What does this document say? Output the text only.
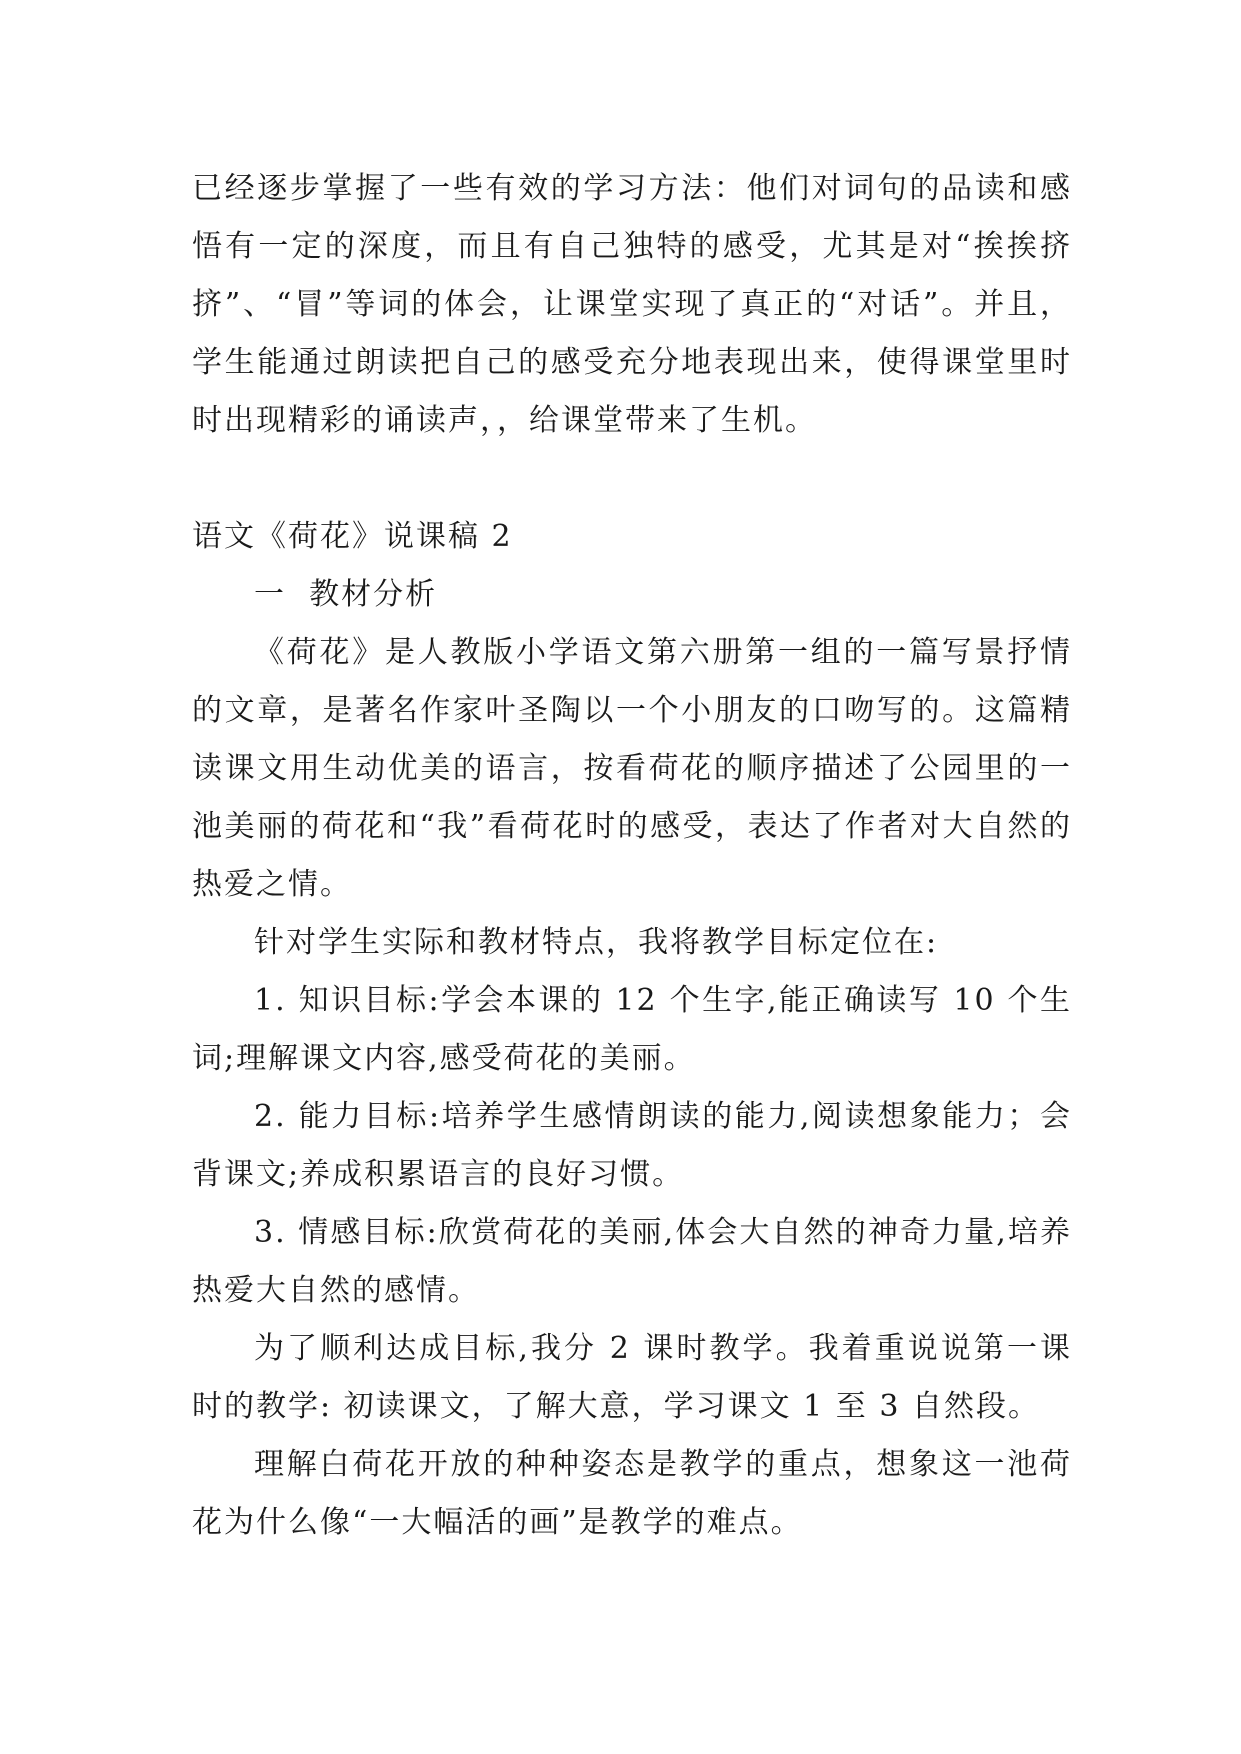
已经逐步掌握了一些有效的学习方法：他们对词句的品读和感悟有一定的深度，而且有自己独特的感受，尤其是对“挨挨挤挤”、“冒”等词的体会，让课堂实现了真正的“对话”。并且，学生能通过朗读把自己的感受充分地表现出来，使得课堂里时时出现精彩的诵读声，，给课堂带来了生机。

语文《荷花》说课稿 2

一  教材分析

《荷花》是人教版小学语文第六册第一组的一篇写景抒情的文章，是著名作家叶圣陶以一个小朋友的口吻写的。这篇精读课文用生动优美的语言，按看荷花的顺序描述了公园里的一池美丽的荷花和“我”看荷花时的感受，表达了作者对大自然的热爱之情。

针对学生实际和教材特点，我将教学目标定位在:

1. 知识目标:学会本课的 12 个生字,能正确读写 10 个生词;理解课文内容,感受荷花的美丽。

2. 能力目标:培养学生感情朗读的能力,阅读想象能力；会背课文;养成积累语言的良好习惯。

3. 情感目标:欣赏荷花的美丽,体会大自然的神奇力量,培养热爱大自然的感情。

为了顺利达成目标,我分 2 课时教学。我着重说说第一课时的教学: 初读课文，了解大意，学习课文 1 至 3 自然段。

理解白荷花开放的种种姿态是教学的重点，想象这一池荷花为什么像“一大幅活的画”是教学的难点。
